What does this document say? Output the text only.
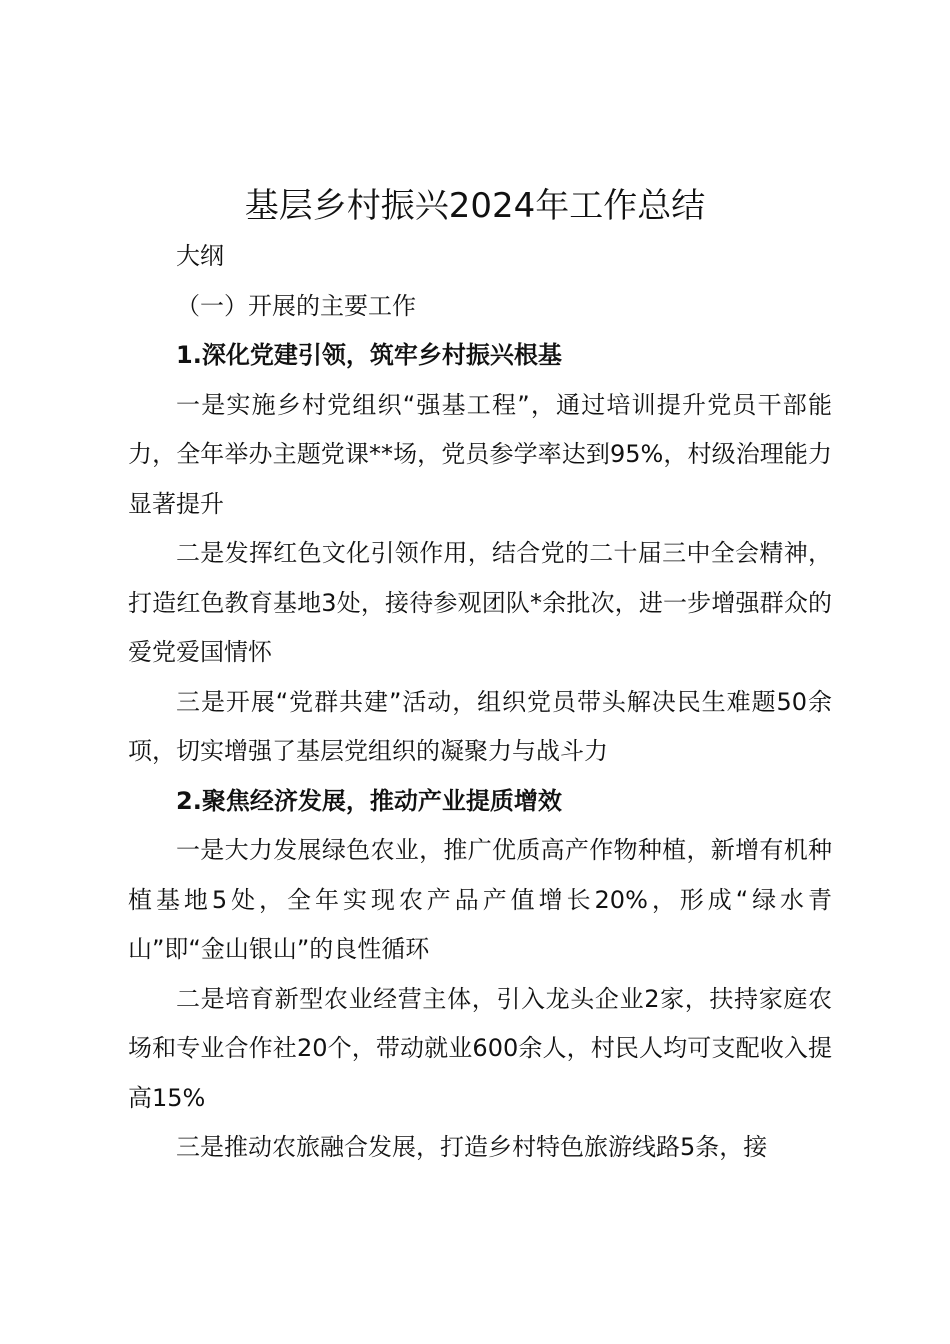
基层乡村振兴2024年工作总结

大纲

（一）开展的主要工作

1.深化党建引领，筑牢乡村振兴根基

一是实施乡村党组织“强基工程”，通过培训提升党员干部能力，全年举办主题党课**场，党员参学率达到95%，村级治理能力显著提升

二是发挥红色文化引领作用，结合党的二十届三中全会精神，打造红色教育基地3处，接待参观团队*余批次，进一步增强群众的爱党爱国情怀

三是开展“党群共建”活动，组织党员带头解决民生难题50余项，切实增强了基层党组织的凝聚力与战斗力

2.聚焦经济发展，推动产业提质增效

一是大力发展绿色农业，推广优质高产作物种植，新增有机种植基地5处，全年实现农产品产值增长20%，形成“绿水青山”即“金山银山”的良性循环

二是培育新型农业经营主体，引入龙头企业2家，扶持家庭农场和专业合作社20个，带动就业600余人，村民人均可支配收入提高15%

三是推动农旅融合发展，打造乡村特色旅游线路5条，接
